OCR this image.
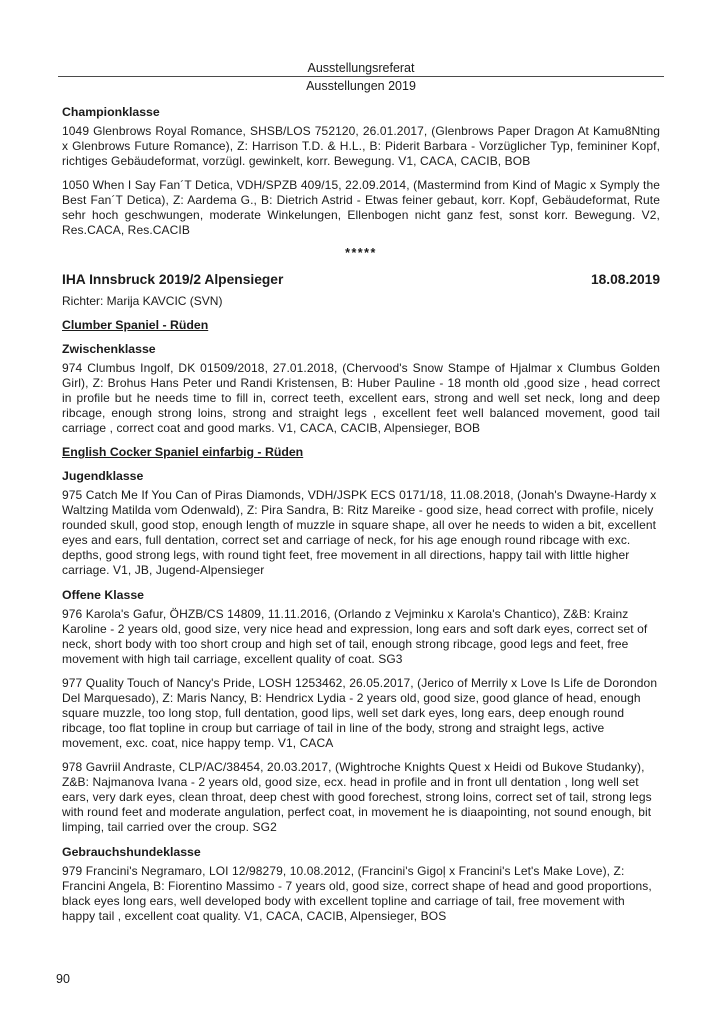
Ausstellungsreferat
Ausstellungen 2019
Championklasse

1049 Glenbrows Royal Romance, SHSB/LOS 752120, 26.01.2017, (Glenbrows Paper Dragon At Kamu8Nting x Glenbrows Future Romance), Z: Harrison T.D. & H.L., B: Piderit Barbara - Vorzüglicher Typ, femininer Kopf, richtiges Gebäudeformat, vorzügl. gewinkelt, korr. Bewegung. V1, CACA, CACIB, BOB

1050 When I Say Fan´T Detica, VDH/SPZB 409/15, 22.09.2014, (Mastermind from Kind of Magic x Symply the Best Fan´T Detica), Z: Aardema G., B: Dietrich Astrid - Etwas feiner gebaut, korr. Kopf, Gebäudeformat, Rute sehr hoch geschwungen, moderate Winkelungen, Ellenbogen nicht ganz fest, sonst korr. Bewegung. V2, Res.CACA, Res.CACIB

*****
IHA Innsbruck 2019/2 Alpensieger	18.08.2019

Richter: Marija KAVCIC (SVN)

Clumber Spaniel - Rüden
Zwischenklasse

974 Clumbus Ingolf, DK 01509/2018, 27.01.2018, (Chervood's Snow Stampe of Hjalmar x Clumbus Golden Girl), Z: Brohus Hans Peter und Randi Kristensen, B: Huber Pauline - 18 month old ,good size , head correct in profile but he needs time to fill in, correct teeth, excellent ears, strong and well set neck, long and deep ribcage, enough strong loins, strong and straight legs , excellent feet well balanced movement, good tail carriage , correct coat and good marks. V1, CACA, CACIB, Alpensieger, BOB

English Cocker Spaniel einfarbig - Rüden
Jugendklasse

975 Catch Me If You Can of Piras Diamonds, VDH/JSPK ECS 0171/18, 11.08.2018, (Jonah's Dwayne-Hardy x Waltzing Matilda vom Odenwald), Z: Pira Sandra, B: Ritz Mareike - good size, head correct with profile, nicely rounded skull, good stop, enough length of muzzle in square shape, all over he needs to widen a bit, excellent eyes and ears, full dentation, correct set and carriage of neck, for his age enough round ribcage with exc. depths, good strong legs, with round tight feet, free movement in all directions, happy tail with little higher carriage. V1, JB, Jugend-Alpensieger

Offene Klasse

976 Karola's Gafur, ÖHZB/CS 14809, 11.11.2016, (Orlando z Vejminku x Karola's Chantico), Z&B: Krainz Karoline - 2 years old, good size, very nice head and expression, long ears and soft dark eyes, correct set of neck, short body with too short croup and high set of tail, enough strong ribcage, good legs and feet, free movement with high tail carriage, excellent quality of coat. SG3

977 Quality Touch of Nancy's Pride, LOSH 1253462, 26.05.2017, (Jerico of Merrily x Love Is Life de Dorondon Del Marquesado), Z: Maris Nancy, B: Hendricx Lydia - 2 years old, good size, good glance of head, enough square muzzle, too long stop, full dentation, good lips, well set dark eyes, long ears, deep enough round ribcage, too flat topline in croup but carriage of tail in line of the body, strong and straight legs, active movement, exc. coat, nice happy temp. V1, CACA

978 Gavriil Andraste, CLP/AC/38454, 20.03.2017, (Wightroche Knights Quest x Heidi od Bukove Studanky), Z&B: Najmanova Ivana - 2 years old, good size, ecx. head in profile and in front ull dentation , long well set ears, very dark eyes, clean throat, deep chest with good forechest, strong loins, correct set of tail, strong legs with round feet and moderate angulation, perfect coat, in movement he is diaapointing, not sound enough, bit limping, tail carried over the croup. SG2

Gebrauchshundeklasse

979 Francini's Negramaro, LOI 12/98279, 10.08.2012, (Francini's Gigoļ x Francini's Let's Make Love), Z: Francini Angela, B: Fiorentino Massimo - 7 years old, good size, correct shape of head and good proportions, black eyes long ears, well developed body with excellent topline and carriage of tail, free movement with happy tail , excellent coat quality. V1, CACA, CACIB, Alpensieger, BOS

90
